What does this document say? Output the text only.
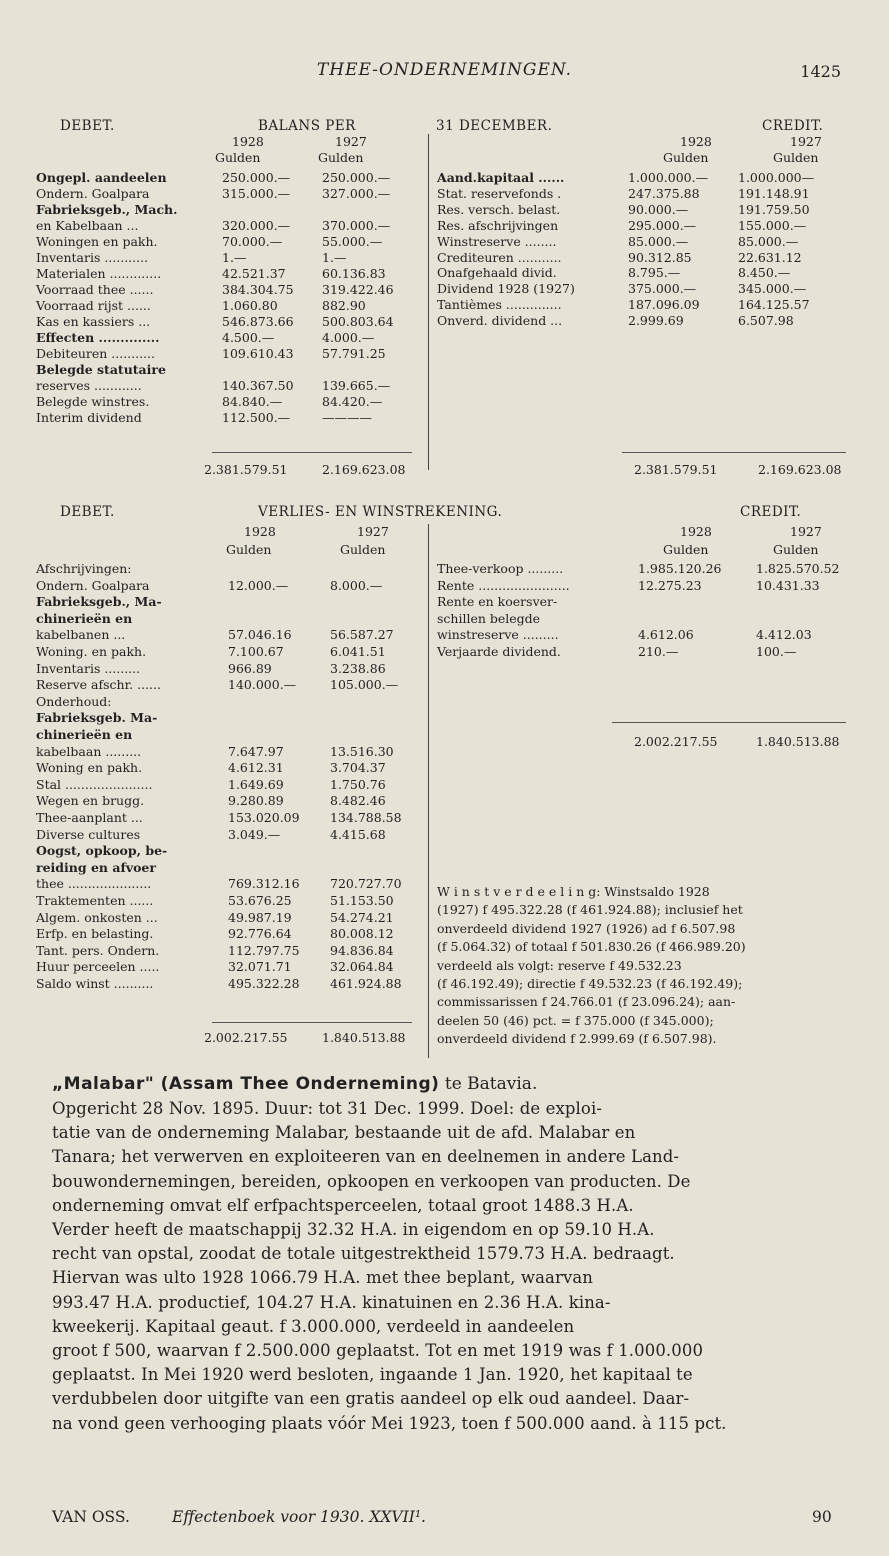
THEE-ONDERNEMINGEN.	1425
DEBET.	BALANS PER	31 DECEMBER.	CREDIT.
1928	1927
Gulden	Gulden
1928	1927
Gulden	Gulden
Ongepl. aandeelen	250.000.—	250.000.—
Ondern. Goalpara	315.000.—	327.000.—
Fabrieksgeb., Mach.
en Kabelbaan ...	320.000.—	370.000.—
Woningen en pakh.	70.000.—	55.000.—
Inventaris ...........	1.—	1.—
Materialen .............	42.521.37	60.136.83
Voorraad thee ......	384.304.75 319.422.46
Voorraad rijst ......	1.060.80	882.90
Kas en kassiers ...	546.873.66 500.803.64
Effecten ..............	4.500.—	4.000.—
Debiteuren ...........	109.610.43 57.791.25
Belegde statutaire
reserves ............	140.367.50 139.665.—
Belegde winstres.	84.840.—	84.420.—
Interim dividend	112.500.—	————
Aand.kapitaal ......	1.000.000.— 1.000.000—
Stat. reservefonds .	247.375.88	191.148.91
Res. versch. belast.	90.000.—	191.759.50
Res. afschrijvingen	295.000.—	155.000.—
Winstreserve ........	85.000.—	85.000.—
Crediteuren ...........	90.312.85	22.631.12
Onafgehaald divid.	8.795.—	8.450.—
Dividend 1928 (1927)	375.000.—	345.000.—
Tantièmes ..............	187.096.09	164.125.57
Onverd. dividend ...	2.999.69	6.507.98
2.381.579.51	2.169.623.08	2.381.579.51	2.169.623.08
DEBET.	VERLIES- EN WINSTREKENING.	CREDIT.
1928	1927
Gulden	Gulden
1928	1927
Gulden	Gulden
Afschrijvingen:
Ondern. Goalpara	12.000.—	8.000.—
Fabrieksgeb., Ma-
chinerieën en
kabelbanen ...	57.046.16	56.587.27
Woning. en pakh.	7.100.67	6.041.51
Inventaris .........	966.89	3.238.86
Reserve afschr. ......	140.000.—	105.000.—
Onderhoud:
Fabrieksgeb. Ma-
chinerieën en
kabelbaan .........	7.647.97	13.516.30
Woning en pakh.	4.612.31	3.704.37
Stal ......................	1.649.69	1.750.76
Wegen en brugg.	9.280.89	8.482.46
Thee-aanplant ...	153.020.09 134.788.58
Diverse cultures	3.049.—	4.415.68
Oogst, opkoop, be-
reiding en afvoer
thee .....................	769.312.16 720.727.70
Traktementen ......	53.676.25	51.153.50
Algem. onkosten ...	49.987.19	54.274.21
Erfp. en belasting.	92.776.64	80.008.12
Tant. pers. Ondern.	112.797.75 94.836.84
Huur perceelen .....	32.071.71	32.064.84
Saldo winst ..........	495.322.28 461.924.88
Thee-verkoop .........	1.985.120.26	1.825.570.52
Rente .......................	12.275.23	10.431.33
Rente en koersver-
schillen belegde
winstreserve .........	4.612.06	4.412.03
Verjaarde dividend.	210.—	100.—
2.002.217.55	1.840.513.88
2.002.217.55	1.840.513.88
W i n s t v e r d e e l i n g: Winstsaldo 1928
(1927) f 495.322.28 (f 461.924.88); inclusief het
onverdeeld dividend 1927 (1926) ad f 6.507.98
(f 5.064.32) of totaal f 501.830.26 (f 466.989.20)
verdeeld als volgt: reserve f 49.532.23
(f 46.192.49); directie f 49.532.23 (f 46.192.49);
commissarissen f 24.766.01 (f 23.096.24); aan-
deelen 50 (46) pct. = f 375.000 (f 345.000);
onverdeeld dividend f 2.999.69 (f 6.507.98).
„Malabar" (Assam Thee Onderneming) te Batavia.
Opgericht 28 Nov. 1895. Duur: tot 31 Dec. 1999. Doel: de exploi-
tatie van de onderneming Malabar, bestaande uit de afd. Malabar en
Tanara; het verwerven en exploiteeren van en deelnemen in andere Land-
bouwondernemingen, bereiden, opkoopen en verkoopen van producten. De
onderneming omvat elf erfpachtsperceelen, totaal groot 1488.3 H.A.
Verder heeft de maatschappij 32.32 H.A. in eigendom en op 59.10 H.A.
recht van opstal, zoodat de totale uitgestrektheid 1579.73 H.A. bedraagt.
Hiervan was ulto 1928 1066.79 H.A. met thee beplant, waarvan
993.47 H.A. productief, 104.27 H.A. kinatuinen en 2.36 H.A. kina-
kweekerij. Kapitaal geaut. f 3.000.000, verdeeld in aandeelen
groot f 500, waarvan f 2.500.000 geplaatst. Tot en met 1919 was f 1.000.000
geplaatst. In Mei 1920 werd besloten, ingaande 1 Jan. 1920, het kapitaal te
verdubbelen door uitgifte van een gratis aandeel op elk oud aandeel. Daar-
na vond geen verhooging plaats vóór Mei 1923, toen f 500.000 aand. à 115 pct.
VAN OSS.	Effectenboek voor 1930. XXVII¹.	90
